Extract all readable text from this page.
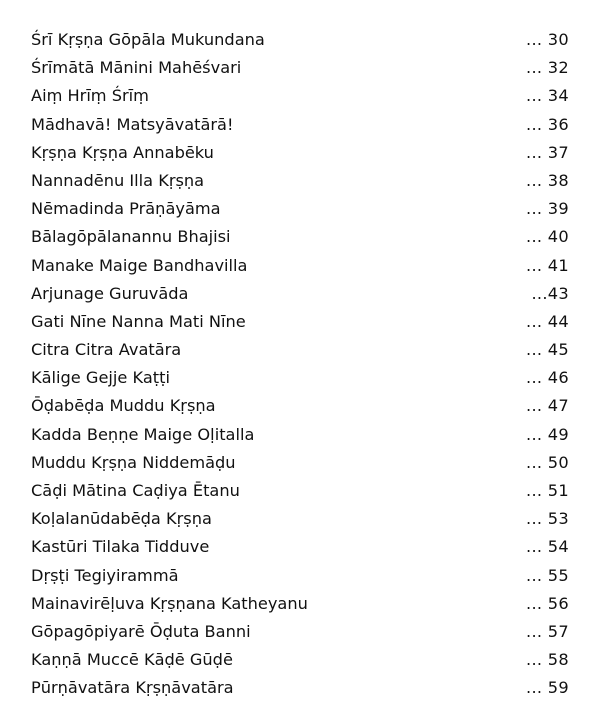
Śrī Kṛṣṇa Gōpāla Mukundana	... 30
Śrīmātā Mānini Mahēśvari	... 32
Aiṃ Hrīṃ Śrīṃ	... 34
Mādhavā! Matsyāvatārā!	... 36
Kṛṣṇa Kṛṣṇa Annabēku	... 37
Nannadēnu Illa Kṛṣṇa	... 38
Nēmadinda Prāṇāyāma	... 39
Bālagōpālanannu Bhajisi	... 40
Manake Maige Bandhavilla	... 41
Arjunage Guruvāda	...43
Gati Nīne Nanna Mati Nīne	... 44
Citra Citra Avatāra	... 45
Kālige Gejje Kaṭṭi	... 46
Ōḍabēḍa Muddu Kṛṣṇa	... 47
Kadda Beṇṇe Maige Oḷitalla	... 49
Muddu Kṛṣṇa Niddemāḍu	... 50
Cāḍi Mātina Caḍiya Ētanu	... 51
Koḷalanūdabēḍa Kṛṣṇa	... 53
Kastūri Tilaka Tidduve	... 54
Dṛṣṭi Tegiyirammā	... 55
Mainavirēḷuva Kṛṣṇana Katheyanu	... 56
Gōpagōpiyarē Ōḍuta Banni	... 57
Kaṇṇā Muccē Kāḍē Gūḍē	... 58
Pūrṇāvatāra Kṛṣṇāvatāra	... 59
